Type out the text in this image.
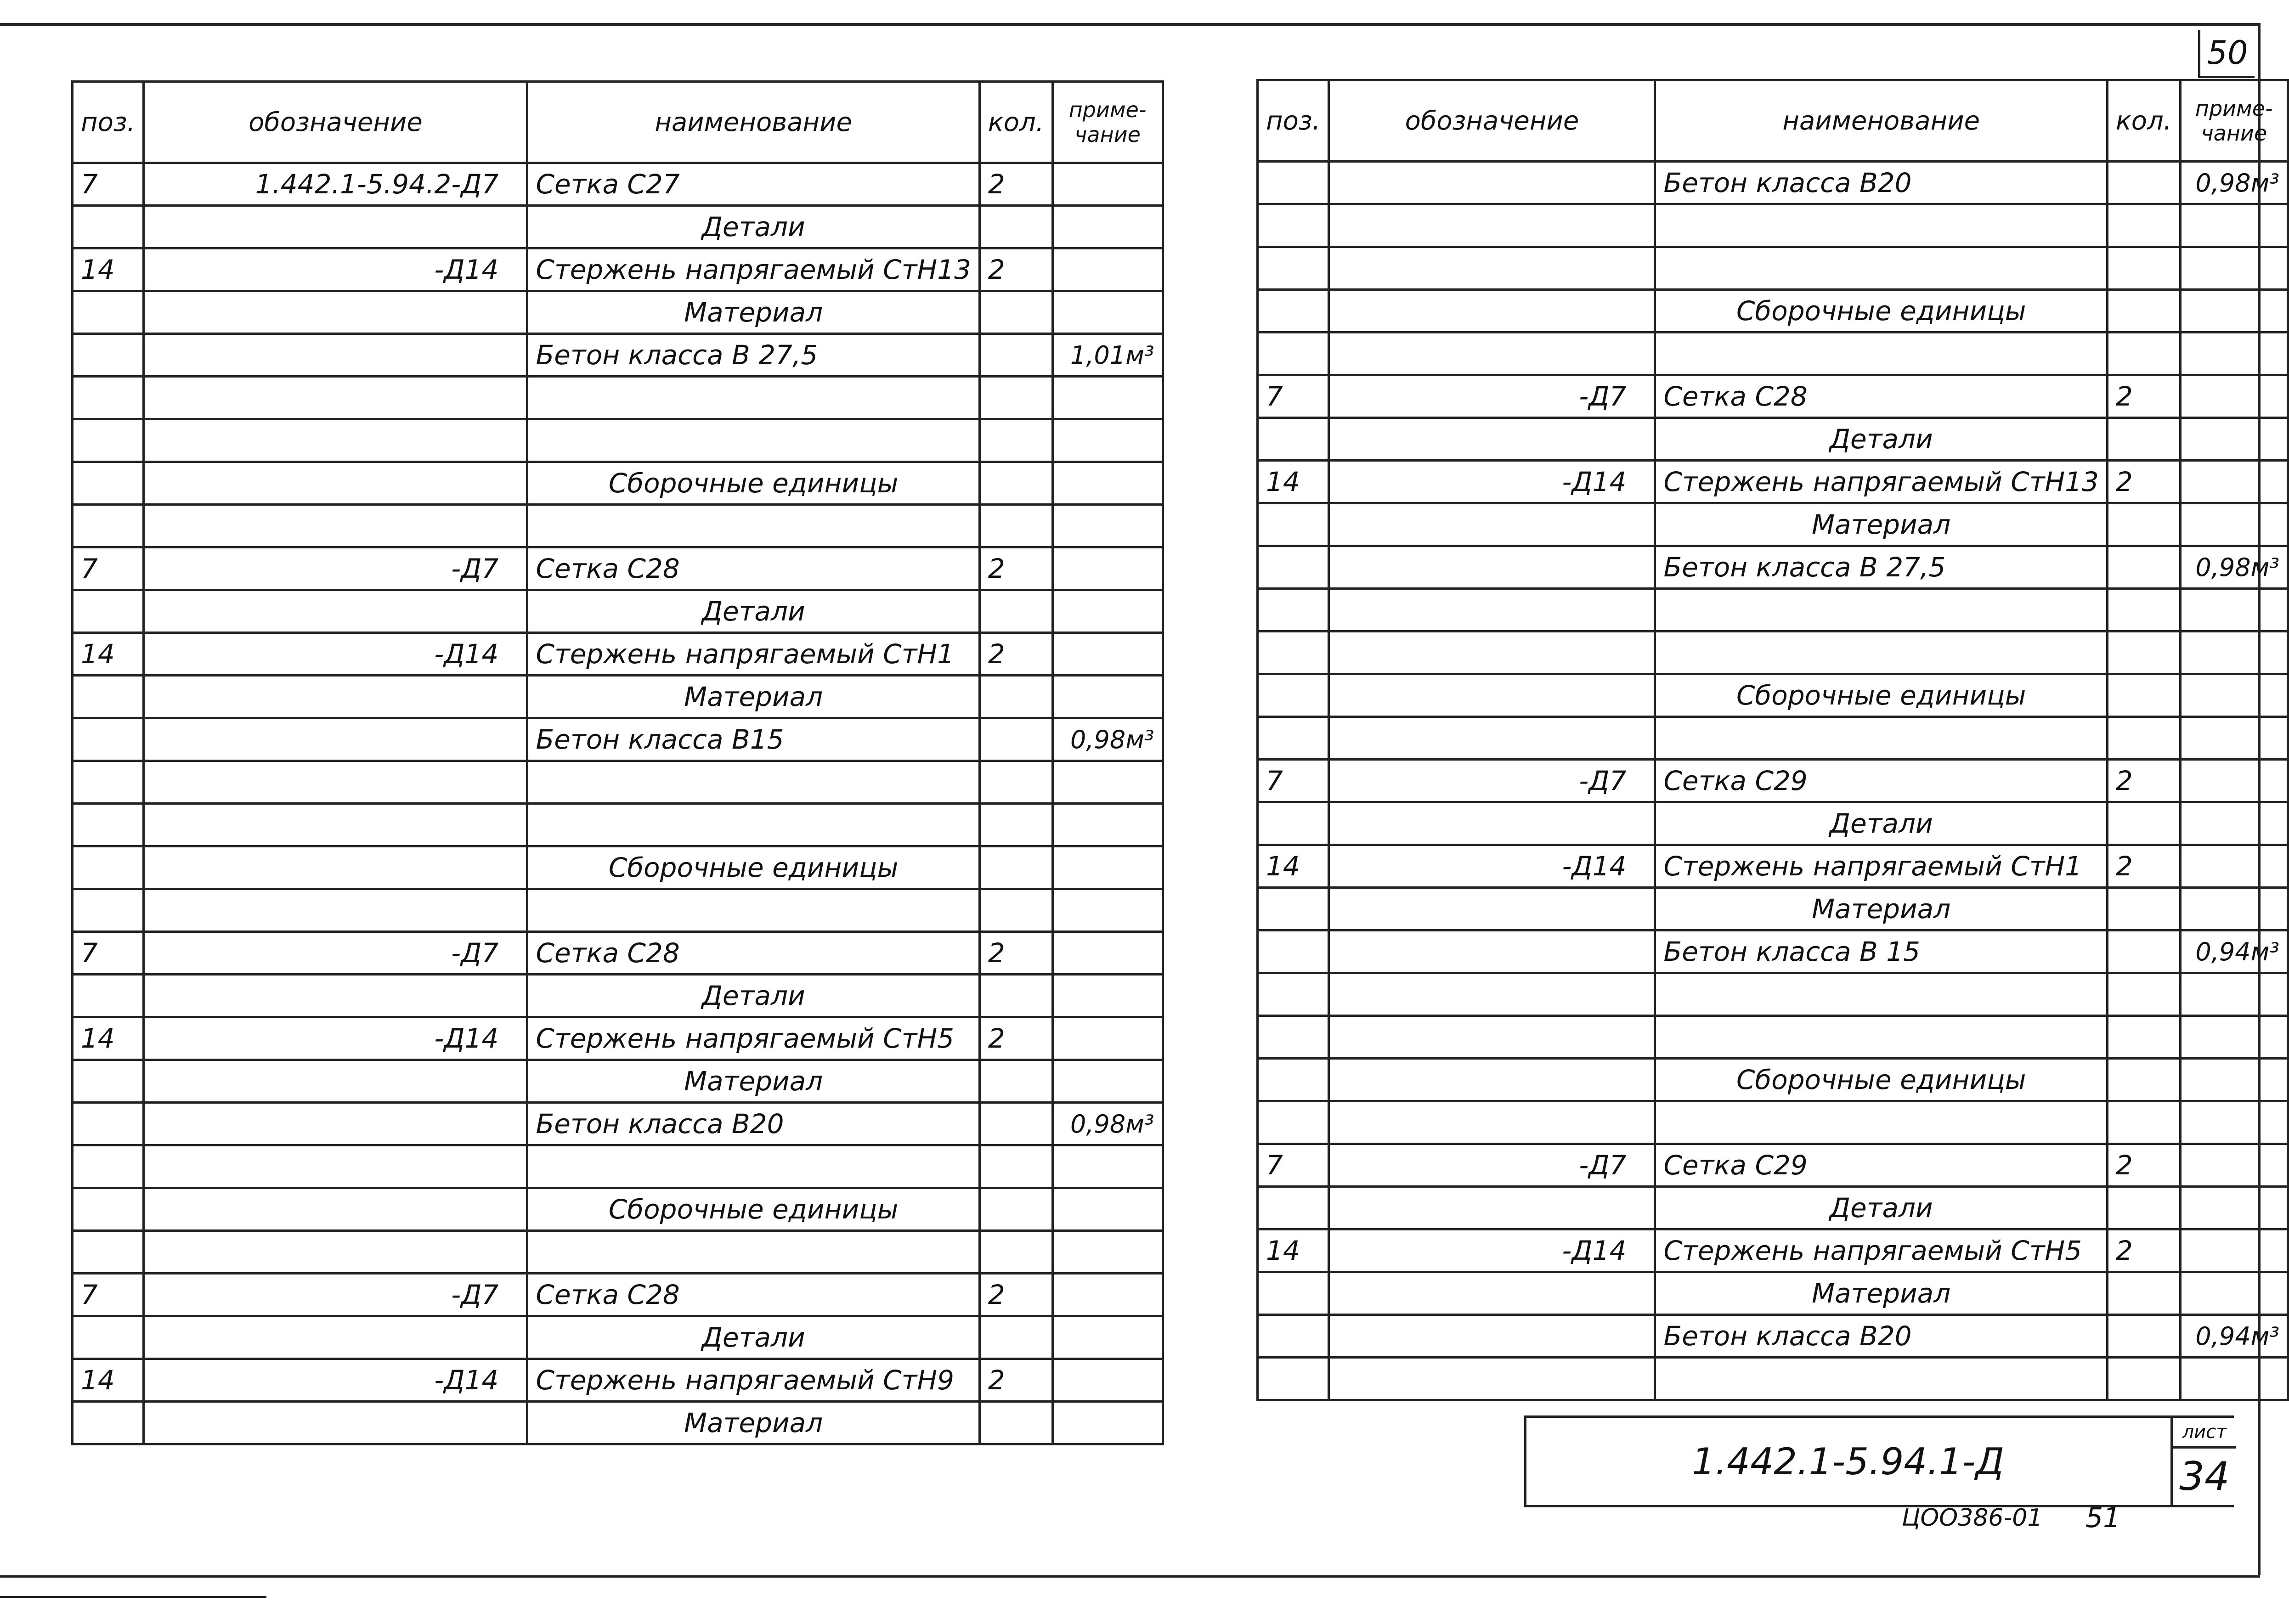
50
поз.	обозначение	наименование	кол.	приме-
чание
7	1.442.1-5.94.2-Д7	Сетка С27	2	
		Детали		
14	-Д14	Стержень напрягаемый СтН13	2	
		Материал		
		Бетон класса В 27,5		1,01м³

		Сборочные единицы		

7	-Д7	Сетка С28	2	
		Детали		
14	-Д14	Стержень напрягаемый СтН1	2	
		Материал		
		Бетон класса В15		0,98м³

		Сборочные единицы		

7	-Д7	Сетка С28	2	
		Детали		
14	-Д14	Стержень напрягаемый СтН5	2	
		Материал		
		Бетон класса В20		0,98м³

		Сборочные единицы		

7	-Д7	Сетка С28	2	
		Детали		
14	-Д14	Стержень напрягаемый СтН9	2	
		Материал		
поз.	обозначение	наименование	кол.	приме-
чание
		Бетон класса В20		0,98м³

		Сборочные единицы		

7	-Д7	Сетка С28	2	
		Детали		
14	-Д14	Стержень напрягаемый СтН13	2	
		Материал		
		Бетон класса В 27,5		0,98м³

		Сборочные единицы		

7	-Д7	Сетка С29	2	
		Детали		
14	-Д14	Стержень напрягаемый СтН1	2	
		Материал		
		Бетон класса В 15		0,94м³

		Сборочные единицы		

7	-Д7	Сетка С29	2	
		Детали		
14	-Д14	Стержень напрягаемый СтН5	2	
		Материал		
		Бетон класса В20		0,94м³

1.442.1-5.94.1-Д
лист
34
ЦОО386-01 51
